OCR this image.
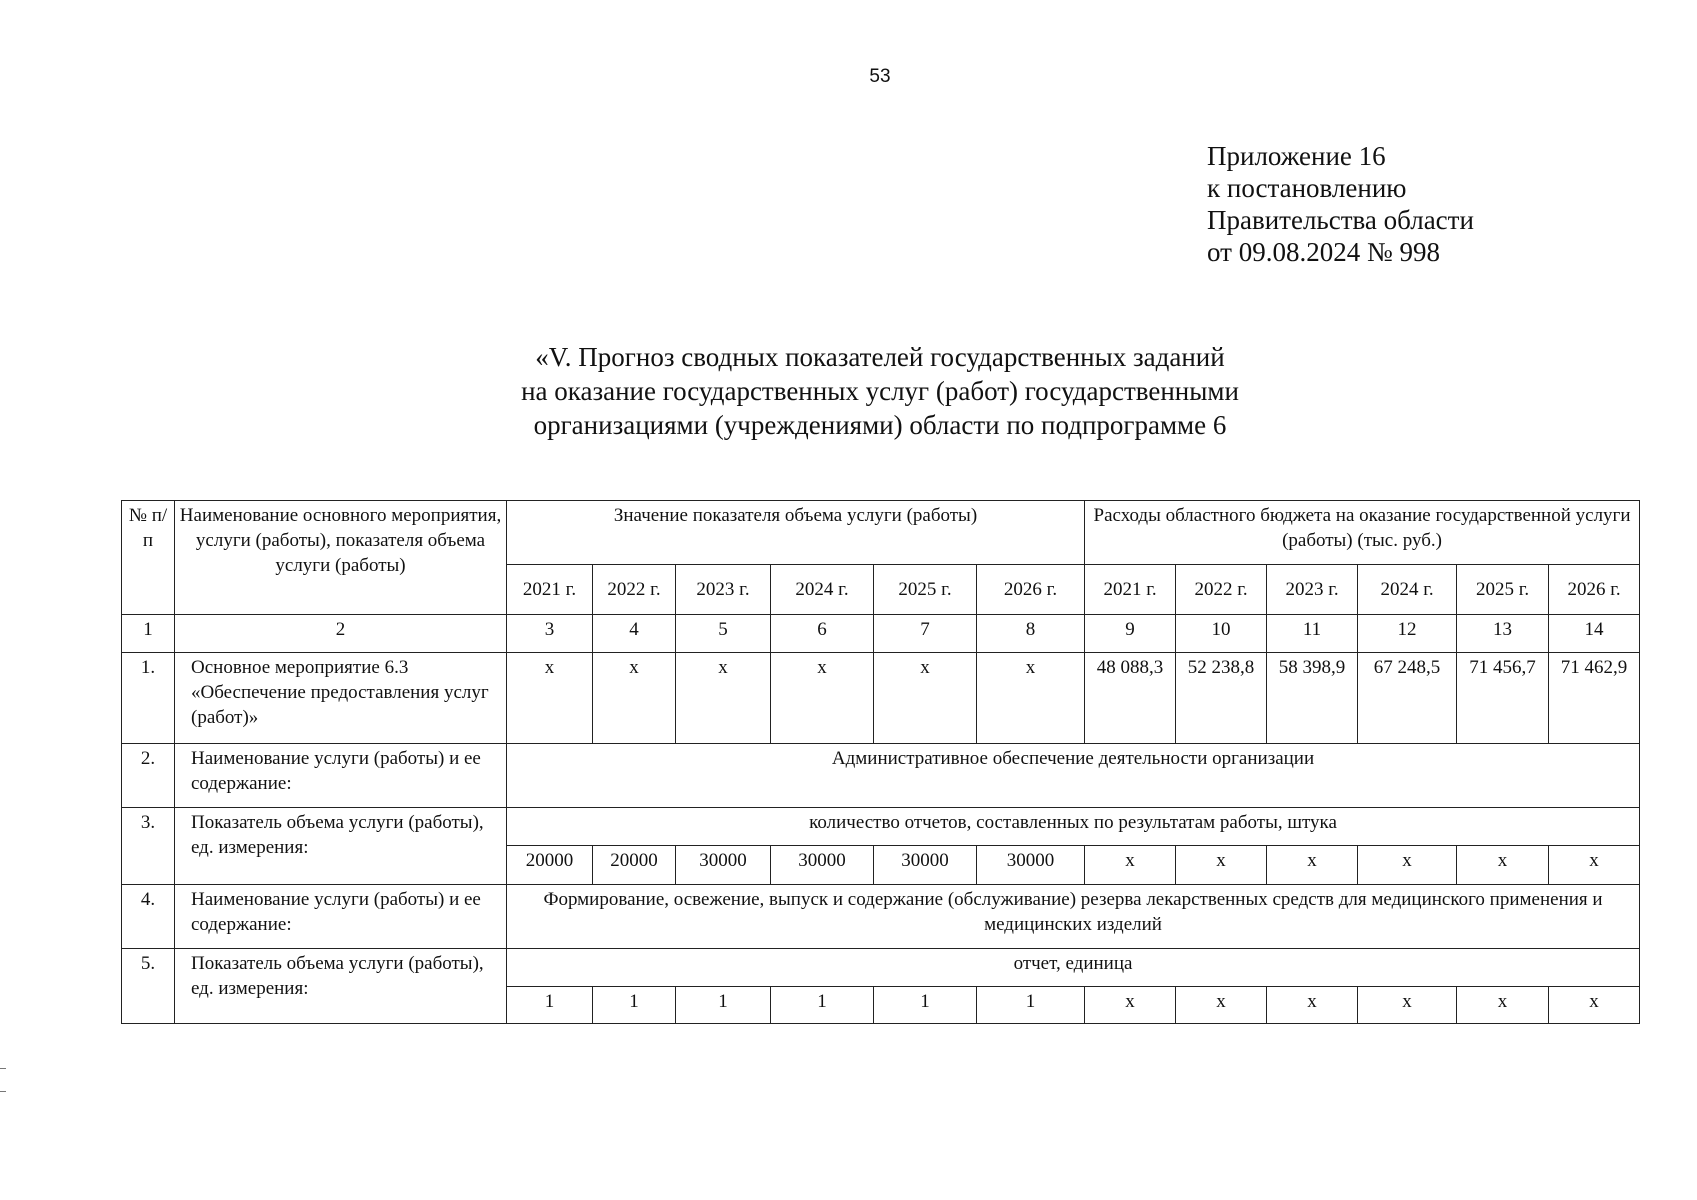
53
Приложение 16
к постановлению
Правительства области
от 09.08.2024 № 998
«V. Прогноз сводных показателей государственных заданий
на оказание государственных услуг (работ) государственными
организациями (учреждениями) области по подпрограмме 6
№ п/п	Наименование основного мероприятия, услуги (работы), показателя объема услуги (работы)	Значение показателя объема услуги (работы)						Расходы областного бюджета на оказание государственной услуги (работы) (тыс. руб.)					
		2021 г.	2022 г.	2023 г.	2024 г.	2025 г.	2026 г.	2021 г.	2022 г.	2023 г.	2024 г.	2025 г.	2026 г.
1	2	3	4	5	6	7	8	9	10	11	12	13	14
1.	Основное мероприятие 6.3 «Обеспечение предоставления услуг (работ)»	х	х	х	х	х	х	48 088,3	52 238,8	58 398,9	67 248,5	71 456,7	71 462,9
2.	Наименование услуги (работы) и ее содержание:	Административное обеспечение деятельности организации											
3.	Показатель объема услуги (работы), ед. измерения:	количество отчетов, составленных по результатам работы, штука											
		20000	20000	30000	30000	30000	30000	х	х	х	х	х	х
4.	Наименование услуги (работы) и ее содержание:	Формирование, освежение, выпуск и содержание (обслуживание) резерва лекарственных средств для медицинского применения и медицинских изделий											
5.	Показатель объема услуги (работы), ед. измерения:	отчет, единица											
		1	1	1	1	1	1	х	х	х	х	х	х
